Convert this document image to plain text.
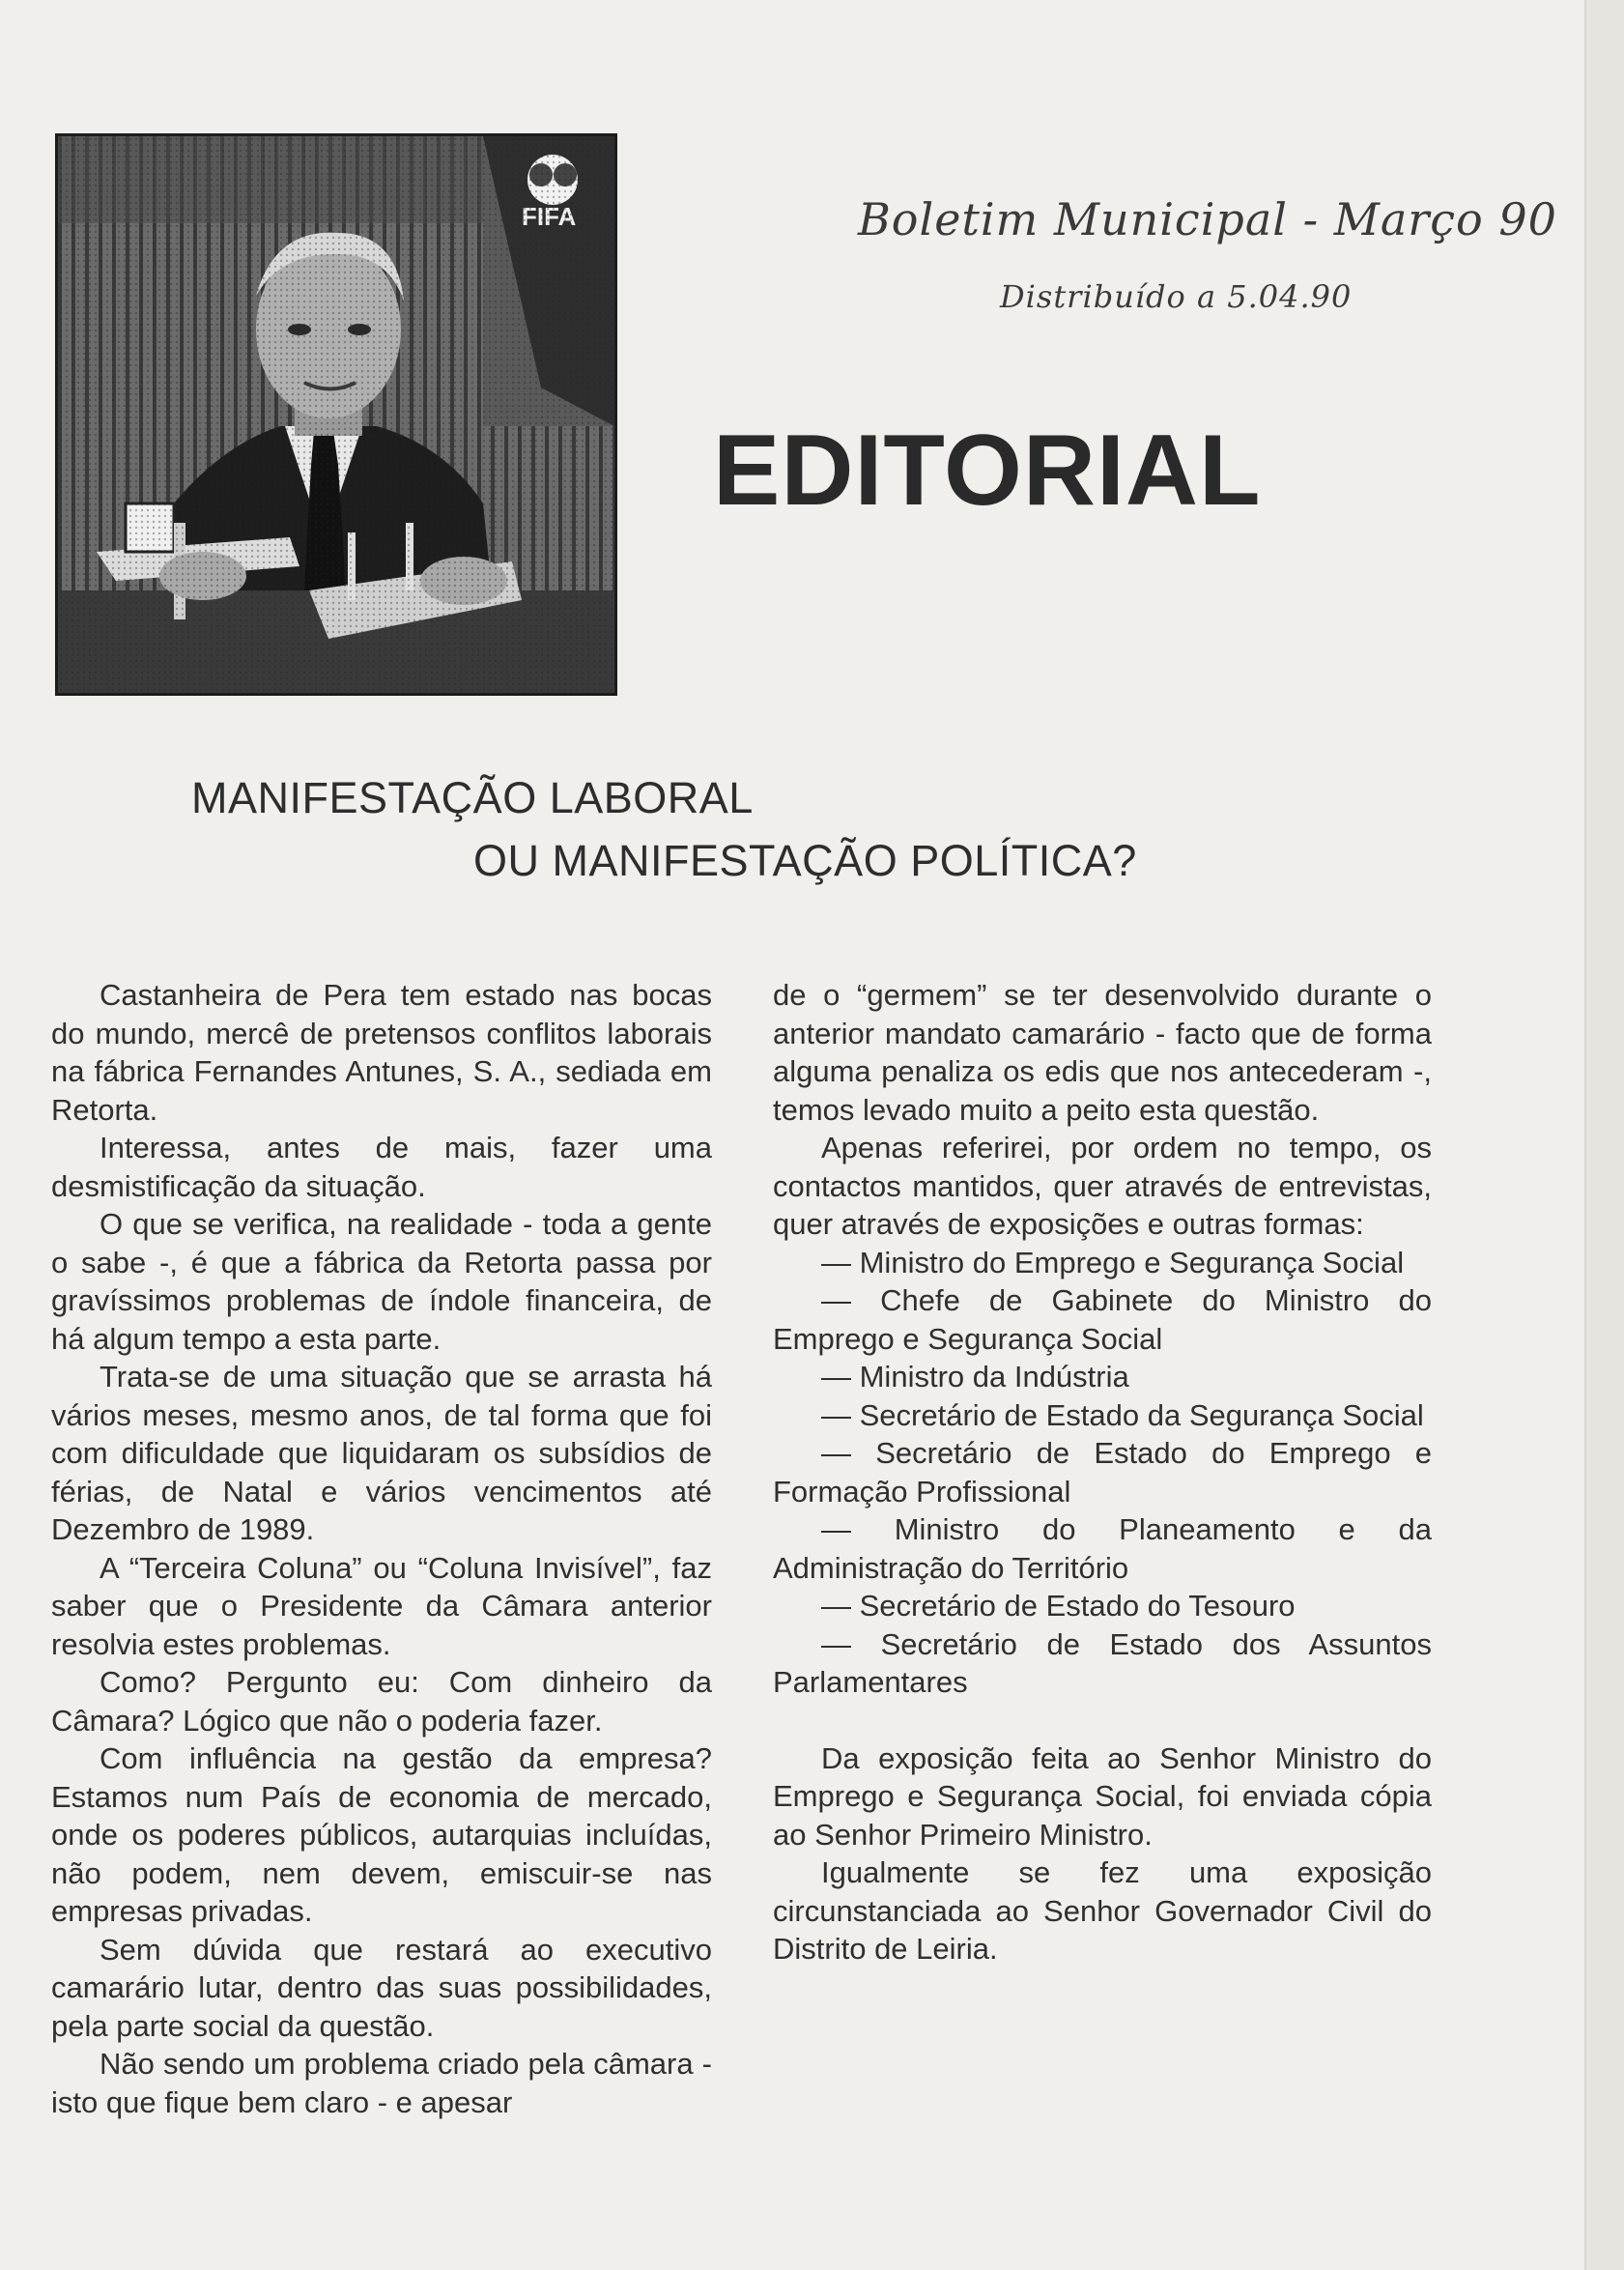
Boletim Municipal - Março 90
Distribuído a 5.04.90
EDITORIAL
MANIFESTAÇÃO LABORAL
OU MANIFESTAÇÃO POLÍTICA?

Castanheira de Pera tem estado nas bocas do mundo, mercê de pretensos conflitos laborais na fábrica Fernandes Antunes, S. A., sediada em Retorta.

Interessa, antes de mais, fazer uma desmistificação da situação.

O que se verifica, na realidade - toda a gente o sabe -, é que a fábrica da Retorta passa por gravíssimos problemas de índole financeira, de há algum tempo a esta parte.

Trata-se de uma situação que se arrasta há vários meses, mesmo anos, de tal forma que foi com dificuldade que liquidaram os subsídios de férias, de Natal e vários vencimentos até Dezembro de 1989.

A “Terceira Coluna” ou “Coluna Invisível”, faz saber que o Presidente da Câmara anterior resolvia estes problemas.

Como? Pergunto eu: Com dinheiro da Câmara? Lógico que não o poderia fazer.

Com influência na gestão da empresa? Estamos num País de economia de mercado, onde os poderes públicos, autarquias incluídas, não podem, nem devem, emiscuir-se nas empresas privadas.

Sem dúvida que restará ao executivo camarário lutar, dentro das suas possibilidades, pela parte social da questão.

Não sendo um problema criado pela câmara - isto que fique bem claro - e apesar

de o “germem” se ter desenvolvido durante o anterior mandato camarário - facto que de forma alguma penaliza os edis que nos antecederam -, temos levado muito a peito esta questão.

Apenas referirei, por ordem no tempo, os contactos mantidos, quer através de entrevistas, quer através de exposições e outras formas:

— Ministro do Emprego e Segurança Social
— Chefe de Gabinete do Ministro do Emprego e Segurança Social
— Ministro da Indústria
— Secretário de Estado da Segurança Social
— Secretário de Estado do Emprego e Formação Profissional
— Ministro do Planeamento e da Administração do Território
— Secretário de Estado do Tesouro
— Secretário de Estado dos Assuntos Parlamentares

Da exposição feita ao Senhor Ministro do Emprego e Segurança Social, foi enviada cópia ao Senhor Primeiro Ministro.

Igualmente se fez uma exposição circunstanciada ao Senhor Governador Civil do Distrito de Leiria.
